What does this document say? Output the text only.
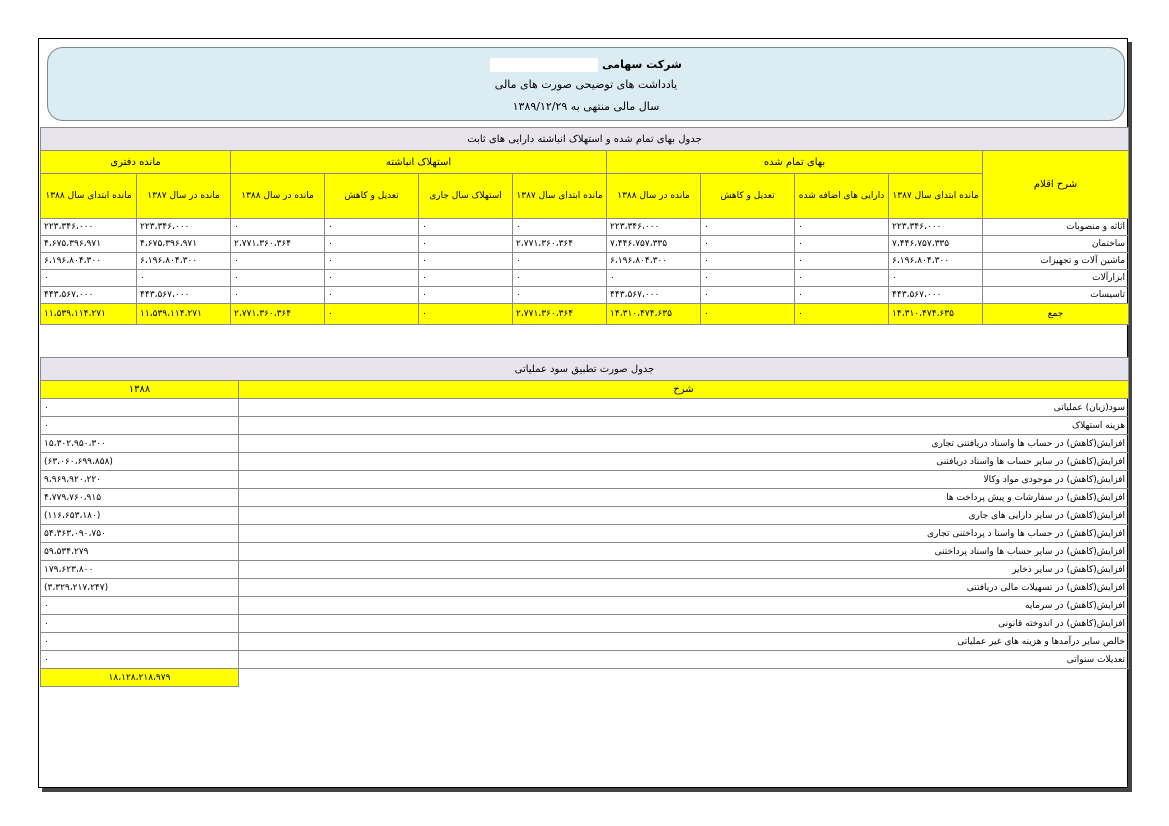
شرکت سهامی
یادداشت های توضیحی صورت های مالی
سال مالی منتهی به ۱۳۸۹/۱۲/۲۹
جدول بهای تمام شده و استهلاک انباشته دارایی های ثابت										
شرح اقلام	بهای تمام شده				استهلاک انباشته				مانده دفتری	
	مانده ابتدای سال ۱۳۸۷	دارایی های اضافه شده	تعدیل و کاهش	مانده در سال ۱۳۸۸	مانده ابتدای سال ۱۳۸۷	استهلاک سال جاری	تعدیل و کاهش	مانده در سال ۱۳۸۸	مانده در سال ۱۳۸۷	مانده ابتدای سال ۱۳۸۸
اثاثه و منصوبات	۲۲۳،۳۴۶،۰۰۰	۰	۰	۲۲۳،۳۴۶،۰۰۰	۰	۰	۰	۰	۲۲۳،۳۴۶،۰۰۰	۲۲۳،۳۴۶،۰۰۰
ساختمان	۷،۴۴۶،۷۵۷،۳۳۵	۰	۰	۷،۴۴۶،۷۵۷،۳۳۵	۲،۷۷۱،۳۶۰،۳۶۴	۰	۰	۲،۷۷۱،۳۶۰،۳۶۴	۴،۶۷۵،۳۹۶،۹۷۱	۴،۶۷۵،۳۹۶،۹۷۱
ماشین آلات و تجهیزات	۶،۱۹۶،۸۰۴،۳۰۰	۰	۰	۶،۱۹۶،۸۰۴،۳۰۰	۰	۰	۰	۰	۶،۱۹۶،۸۰۴،۳۰۰	۶،۱۹۶،۸۰۴،۳۰۰
ابزارآلات	۰	۰	۰	۰	۰	۰	۰	۰	۰	۰
تاسیسات	۴۴۳،۵۶۷،۰۰۰	۰	۰	۴۴۳،۵۶۷،۰۰۰	۰	۰	۰	۰	۴۴۳،۵۶۷،۰۰۰	۴۴۳،۵۶۷،۰۰۰
جمع	۱۴،۳۱۰،۴۷۴،۶۳۵	۰	۰	۱۴،۳۱۰،۴۷۴،۶۳۵	۲،۷۷۱،۳۶۰،۳۶۴	۰	۰	۲،۷۷۱،۳۶۰،۳۶۴	۱۱،۵۳۹،۱۱۴،۲۷۱	۱۱،۵۳۹،۱۱۴،۲۷۱
جدول صورت تطبیق سود عملیاتی	
شرح	۱۳۸۸
سود(زیان) عملیاتی	۰
هزینه استهلاک	۰
افزایش(کاهش) در حساب ها واسناد دریافتنی تجاری	۱۵،۳۰۲،۹۵۰،۳۰۰
افزایش(کاهش) در سایر حساب ها واسناد دریافتنی	(۶۳،۰۶۰،۶۹۹،۸۵۸)
افزایش(کاهش) در موجودی مواد وکالا	۹،۹۶۹،۹۲۰،۲۲۰
افزایش(کاهش) در سفارشات و پیش پرداخت ها	۴،۷۷۹،۷۶۰،۹۱۵
افزایش(کاهش) در سایر دارایی های جاری	(۱۱۶،۶۵۳،۱۸۰)
افزایش(کاهش) در حساب ها واسنا د پرداختنی تجاری	۵۴،۳۶۳،۰۹۰،۷۵۰
افزایش(کاهش) در سایر حساب ها واسناد پرداختنی	۵۹،۵۳۴،۲۷۹
افزایش(کاهش) در سایر ذخایر	۱۷۹،۶۲۳،۸۰۰
افزایش(کاهش) در تسهیلات مالی دریافتنی	(۳،۳۲۹،۲۱۷،۲۴۷)
افزایش(کاهش) در سرمایه	۰
افزایش(کاهش) در اندوخته قانونی	۰
خالص سایر درآمدها و هزینه های غیر عملیاتی	۰
تعدیلات سنواتی	۰
	۱۸،۱۲۸،۲۱۸،۹۷۹
